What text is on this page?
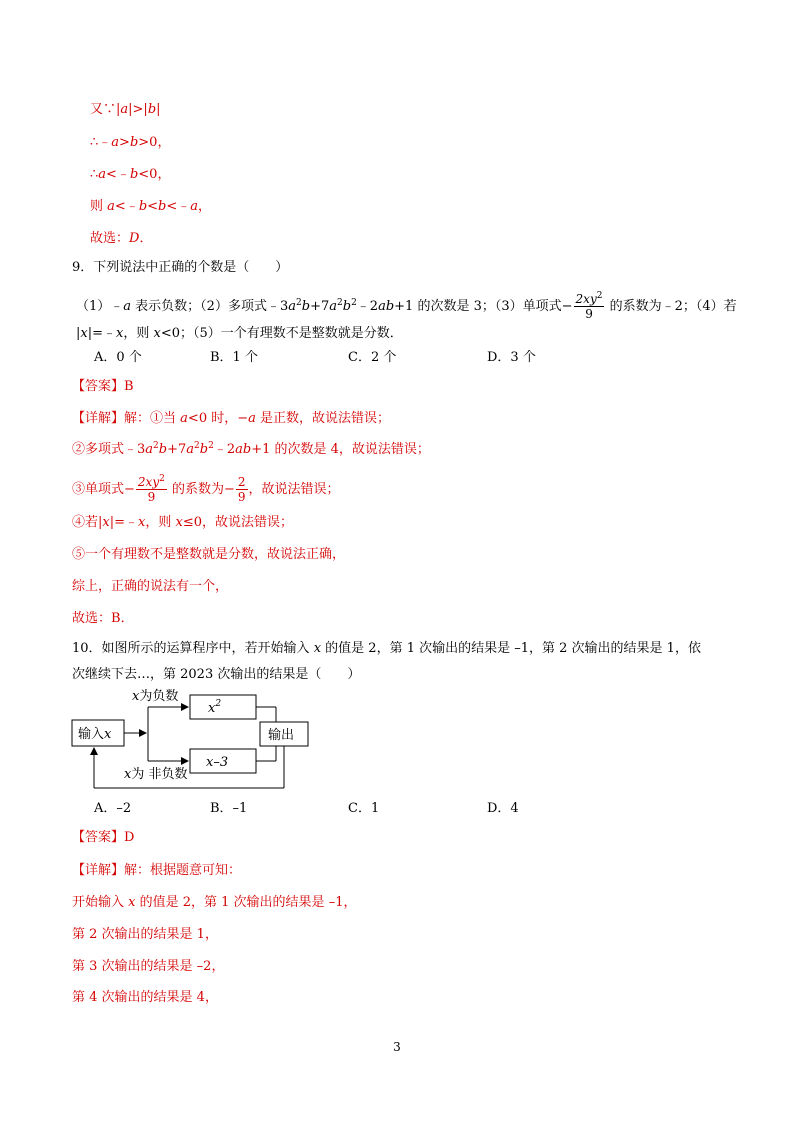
又∵|a|>|b|
∴﹣a>b>0，
∴a<﹣b<0，
则 a<﹣b<b<﹣a，
故选：D．
9．下列说法中正确的个数是（　　）
（1）﹣a 表示负数；（2）多项式$﹣3a^2b+7a^2b^2﹣2ab+1$ 的次数是 3；（3）单项式− $\frac{2xy^2}{9}$ 的系数为﹣2；（4）若
|x|=﹣x，则 x<0；（5）一个有理数不是整数就是分数．
A．0 个	B．1 个	C．2 个	D．3 个
【答案】B
【详解】解：①当 a<0 时，−a 是正数，故说法错误；
②多项式$﹣3a^2b+7a^2b^2﹣2ab+1$ 的次数是 4，故说法错误；
③单项式− $\frac{2xy^2}{9}$ 的系数为− $\frac{2}{9}$ ，故说法错误；
④若|x|=﹣x，则 x≤0，故说法错误；
⑤一个有理数不是整数就是分数，故说法正确，
综上，正确的说法有一个，
故选：B．
10．如图所示的运算程序中，若开始输入 x 的值是 2，第 1 次输出的结果是 –1，第 2 次输出的结果是 1，依
次继续下去…，第 2023 次输出的结果是（　　）
x为负数
x为 非负数
输入x
$x^2$
x–3
输出
A．–2	B．–1	C．1	D．4
【答案】D
【详解】解：根据题意可知：
开始输入 x 的值是 2，第 1 次输出的结果是 –1，
第 2 次输出的结果是 1，
第 3 次输出的结果是 –2，
第 4 次输出的结果是 4，
3
